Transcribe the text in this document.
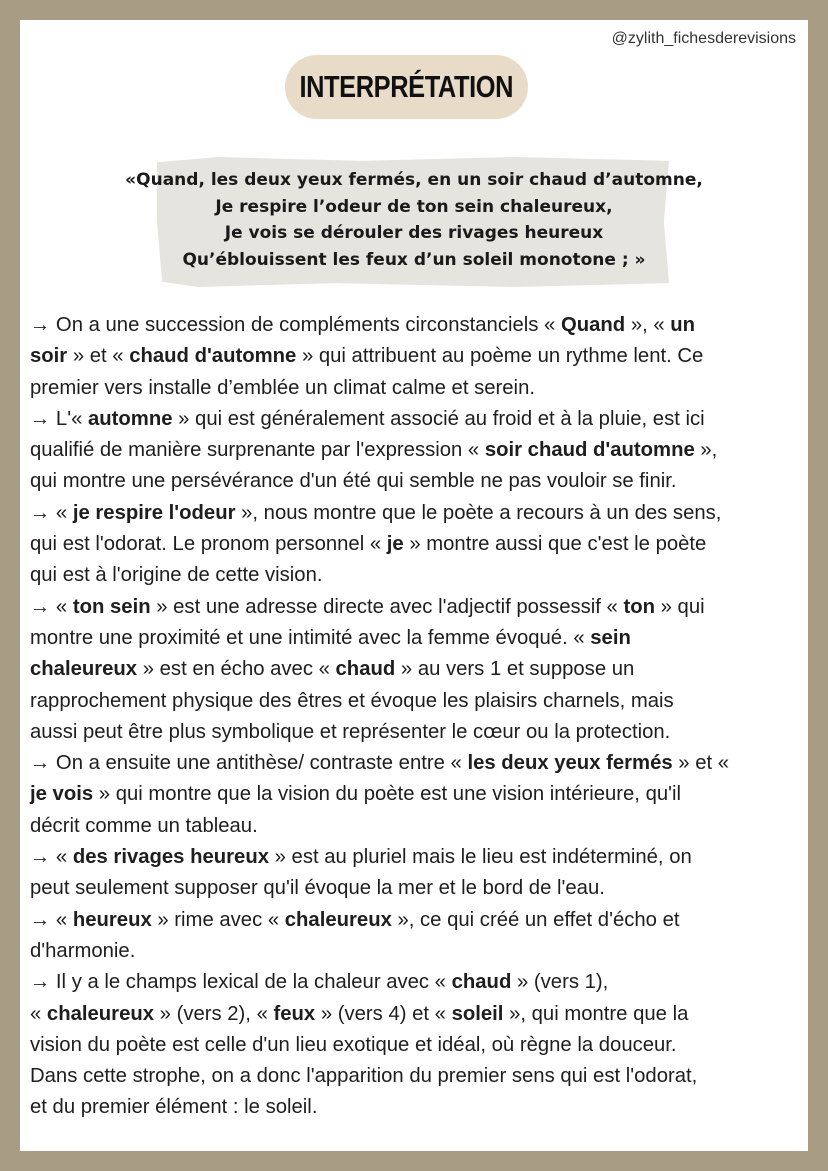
@zylith_fichesderevisions
INTERPRÉTATION
«Quand, les deux yeux fermés, en un soir chaud d’automne,
Je respire l’odeur de ton sein chaleureux,
Je vois se dérouler des rivages heureux
Qu’éblouissent les feux d’un soleil monotone ; »
→ On a une succession de compléments circonstanciels « Quand », « un
soir » et « chaud d'automne » qui attribuent au poème un rythme lent. Ce
premier vers installe d’emblée un climat calme et serein.
→ L'« automne » qui est généralement associé au froid et à la pluie, est ici
qualifié de manière surprenante par l'expression « soir chaud d'automne »,
qui montre une persévérance d'un été qui semble ne pas vouloir se finir.
→ « je respire l'odeur », nous montre que le poète a recours à un des sens,
qui est l'odorat. Le pronom personnel « je » montre aussi que c'est le poète
qui est à l'origine de cette vision.
→ « ton sein » est une adresse directe avec l'adjectif possessif « ton » qui
montre une proximité et une intimité avec la femme évoqué. « sein
chaleureux » est en écho avec « chaud » au vers 1 et suppose un
rapprochement physique des êtres et évoque les plaisirs charnels, mais
aussi peut être plus symbolique et représenter le cœur ou la protection.
→ On a ensuite une antithèse/ contraste entre « les deux yeux fermés » et «
je vois » qui montre que la vision du poète est une vision intérieure, qu'il
décrit comme un tableau.
→ « des rivages heureux » est au pluriel mais le lieu est indéterminé, on
peut seulement supposer qu'il évoque la mer et le bord de l'eau.
→ « heureux » rime avec « chaleureux », ce qui créé un effet d'écho et
d'harmonie.
→ Il y a le champs lexical de la chaleur avec « chaud » (vers 1),
« chaleureux » (vers 2), « feux » (vers 4) et « soleil », qui montre que la
vision du poète est celle d'un lieu exotique et idéal, où règne la douceur.
Dans cette strophe, on a donc l'apparition du premier sens qui est l'odorat,
et du premier élément : le soleil.
